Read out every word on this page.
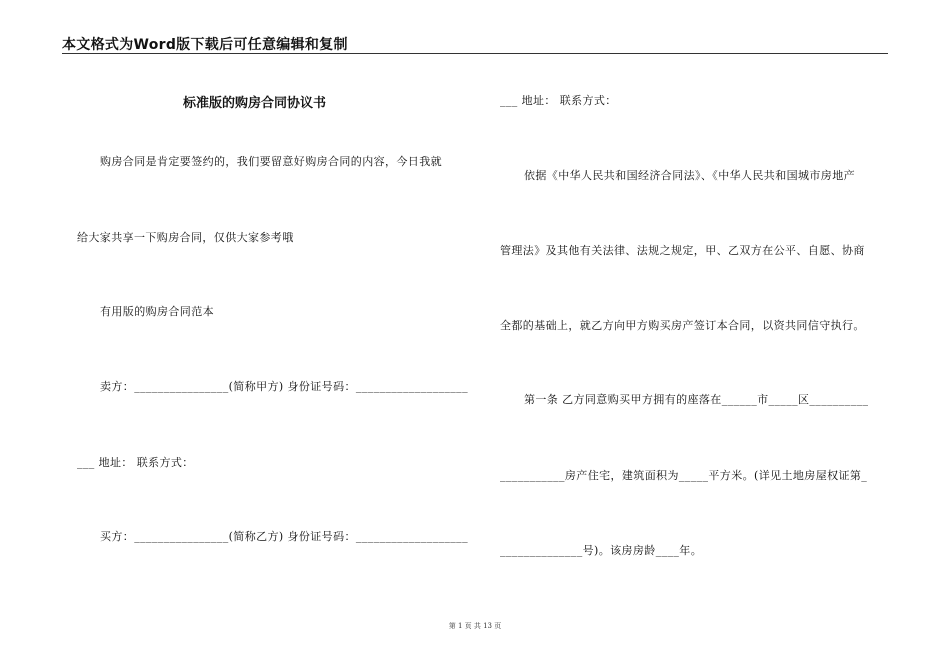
本文格式为Word版下载后可任意编辑和复制
标准版的购房合同协议书
购房合同是肯定要签约的，我们要留意好购房合同的内容，今日我就
给大家共享一下购房合同，仅供大家参考哦
有用版的购房合同范本
卖方：________________(简称甲方) 身份证号码：___________________
___ 地址： 联系方式：
买方：________________(简称乙方) 身份证号码：___________________
___ 地址： 联系方式：
依据《中华人民共和国经济合同法》、《中华人民共和国城市房地产
管理法》及其他有关法律、法规之规定，甲、乙双方在公平、自愿、协商
全都的基础上，就乙方向甲方购买房产签订本合同，以资共同信守执行。
第一条 乙方同意购买甲方拥有的座落在______市_____区__________
___________房产住宅，建筑面积为_____平方米。(详见土地房屋权证第_
______________号)。该房房龄____年。
第 1 页 共 13 页
